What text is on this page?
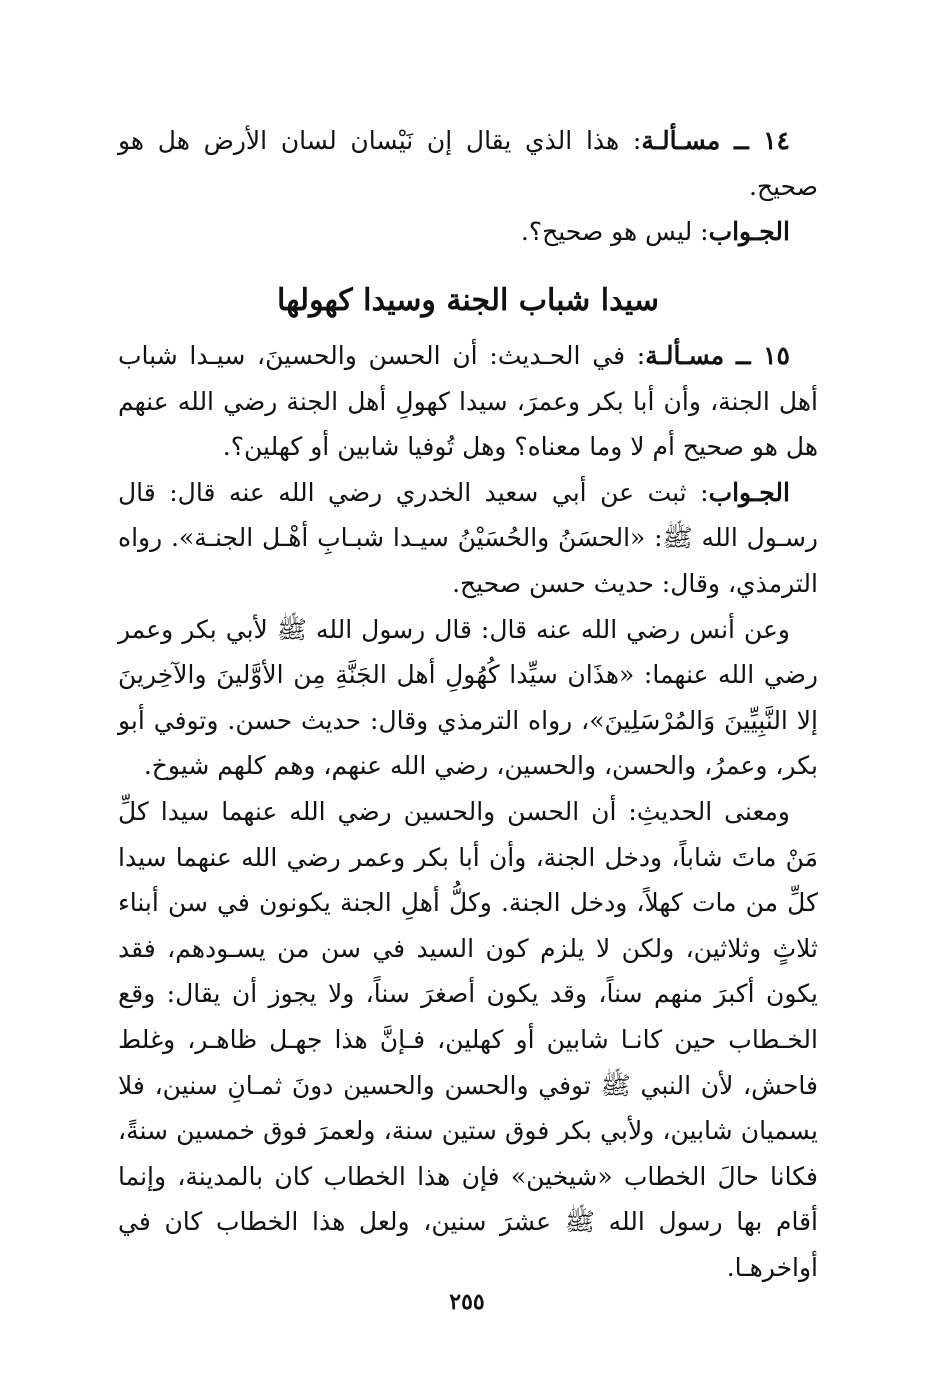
١٤ ــ مسـألـة: هذا الذي يقال إن نَيْسان لسان الأرض هل هو صحيح.

الجـواب: ليس هو صحيح؟.

سيدا شباب الجنة وسيدا كهولها

١٥ ــ مسـألـة: في الحـديث: أن الحسن والحسينَ، سيـدا شباب أهل الجنة، وأن أبا بكر وعمرَ، سيدا كهولِ أهل الجنة رضي الله عنهم هل هو صحيح أم لا وما معناه؟ وهل تُوفيا شابين أو كهلين؟.

الجـواب: ثبت عن أبي سعيد الخدري رضي الله عنه قال: قال رسـول الله ﷺ: «الحسَنُ والحُسَيْنُ سيـدا شبـابِ أهْـل الجنـة». رواه الترمذي، وقال: حديث حسن صحيح.

وعن أنس رضي الله عنه قال: قال رسول الله ﷺ لأبي بكر وعمر رضي الله عنهما: «هذَان سيِّدا كُهُولِ أهل الجَنَّةِ مِن الأوَّلينَ والآخِرينَ إلا النَّبِيِّينَ وَالمُرْسَلِينَ»، رواه الترمذي وقال: حديث حسن. وتوفي أبو بكر، وعمرُ، والحسن، والحسين، رضي الله عنهم، وهم كلهم شيوخ.

ومعنى الحديثِ: أن الحسن والحسين رضي الله عنهما سيدا كلِّ مَنْ ماتَ شاباً، ودخل الجنة، وأن أبا بكر وعمر رضي الله عنهما سيدا كلِّ من مات كهلاً، ودخل الجنة. وكلُّ أهلِ الجنة يكونون في سن أبناء ثلاثٍ وثلاثين، ولكن لا يلزم كون السيد في سن من يسـودهم، فقد يكون أكبرَ منهم سناً، وقد يكون أصغرَ سناً، ولا يجوز أن يقال: وقع الخـطاب حين كانـا شابين أو كهلين، فـإنَّ هذا جهـل ظاهـر، وغلط فاحش، لأن النبي ﷺ توفي والحسن والحسين دونَ ثمـانِ سنين، فلا يسميان شابين، ولأبي بكر فوق ستين سنة، ولعمرَ فوق خمسين سنةً، فكانا حالَ الخطاب «شيخين» فإن هذا الخطاب كان بالمدينة، وإنما أقام بها رسول الله ﷺ عشرَ سنين، ولعل هذا الخطاب كان في أواخرهـا.

٢٥٥
